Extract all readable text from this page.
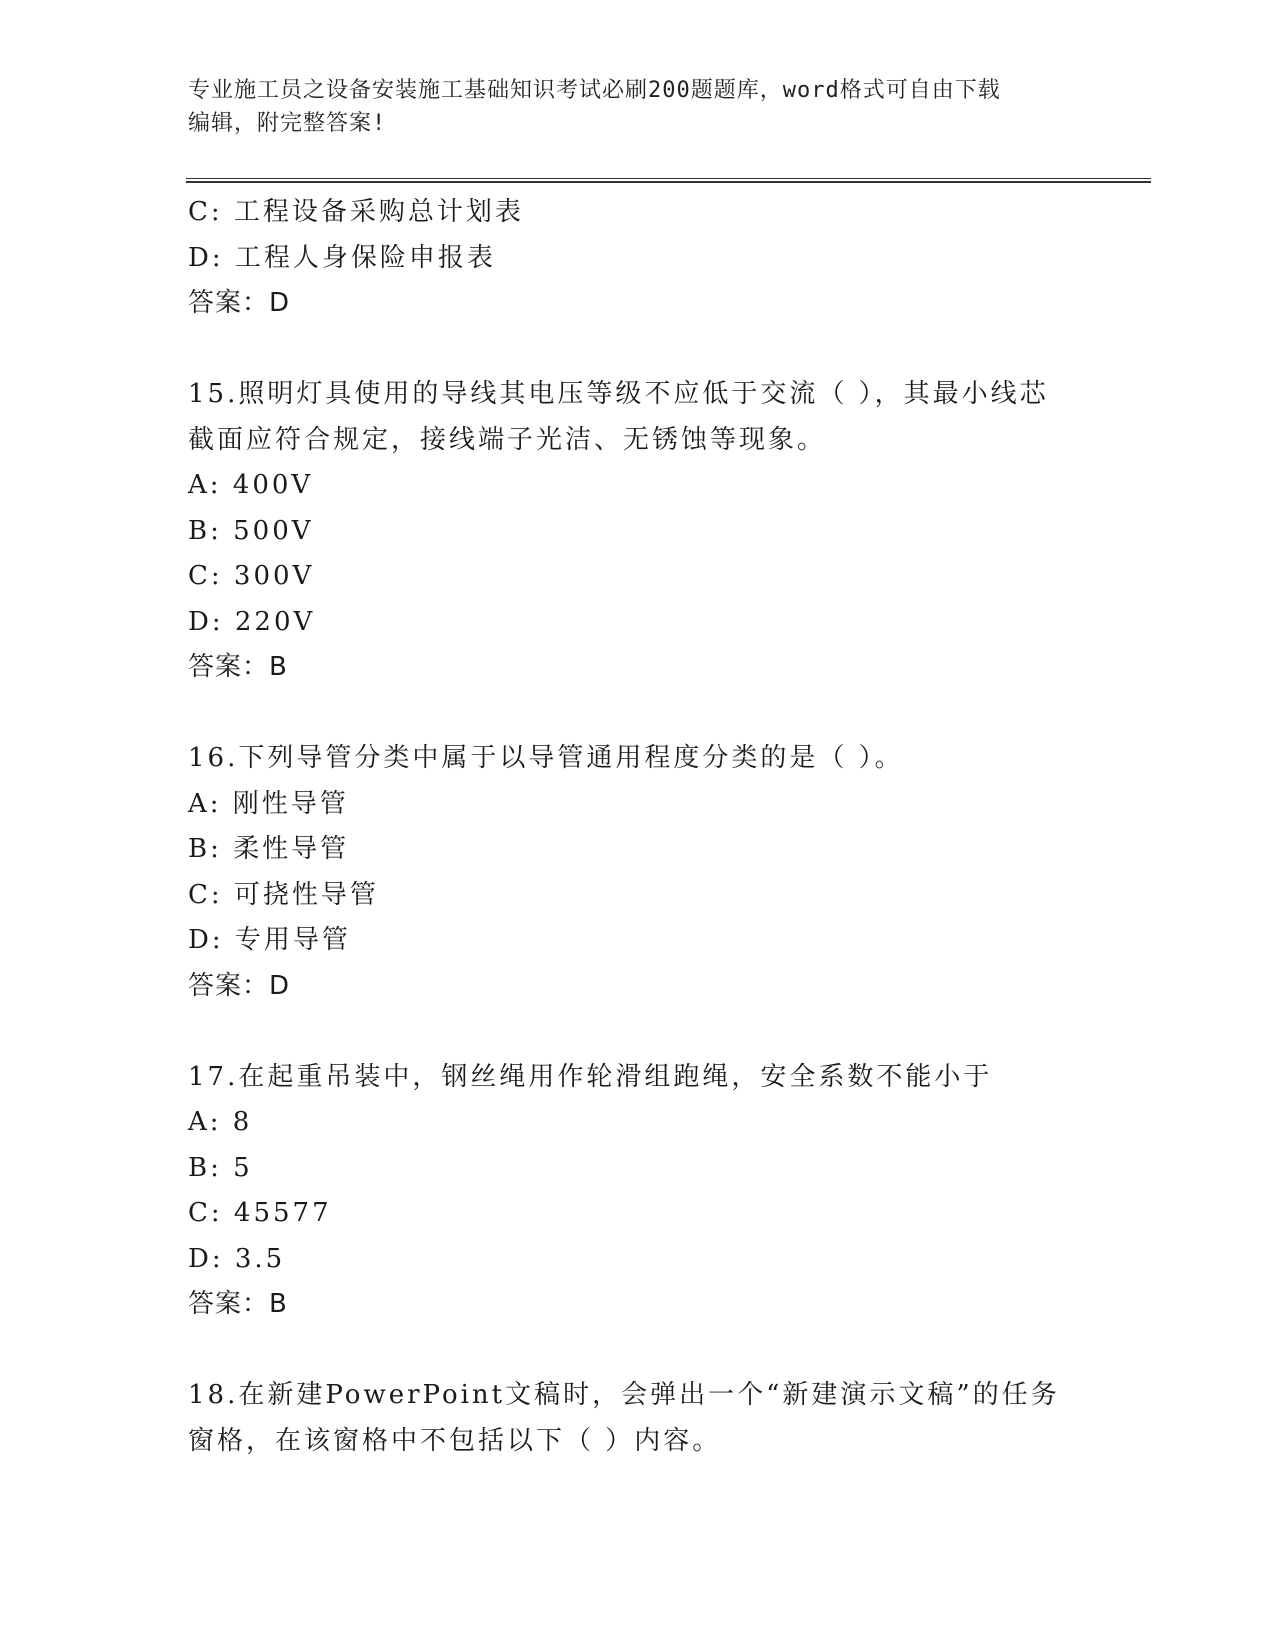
专业施工员之设备安装施工基础知识考试必刷200题题库，word格式可自由下载
编辑，附完整答案!
C: 工程设备采购总计划表
D: 工程人身保险申报表
答案：D
15.照明灯具使用的导线其电压等级不应低于交流（ ），其最小线芯
截面应符合规定，接线端子光洁、无锈蚀等现象。
A: 400V
B: 500V
C: 300V
D: 220V
答案：B
16.下列导管分类中属于以导管通用程度分类的是（ ）。
A: 刚性导管
B: 柔性导管
C: 可挠性导管
D: 专用导管
答案：D
17.在起重吊装中，钢丝绳用作轮滑组跑绳，安全系数不能小于
A: 8
B: 5
C: 45577
D: 3.5
答案：B
18.在新建PowerPoint文稿时，会弹出一个“新建演示文稿”的任务
窗格，在该窗格中不包括以下（ ）内容。
